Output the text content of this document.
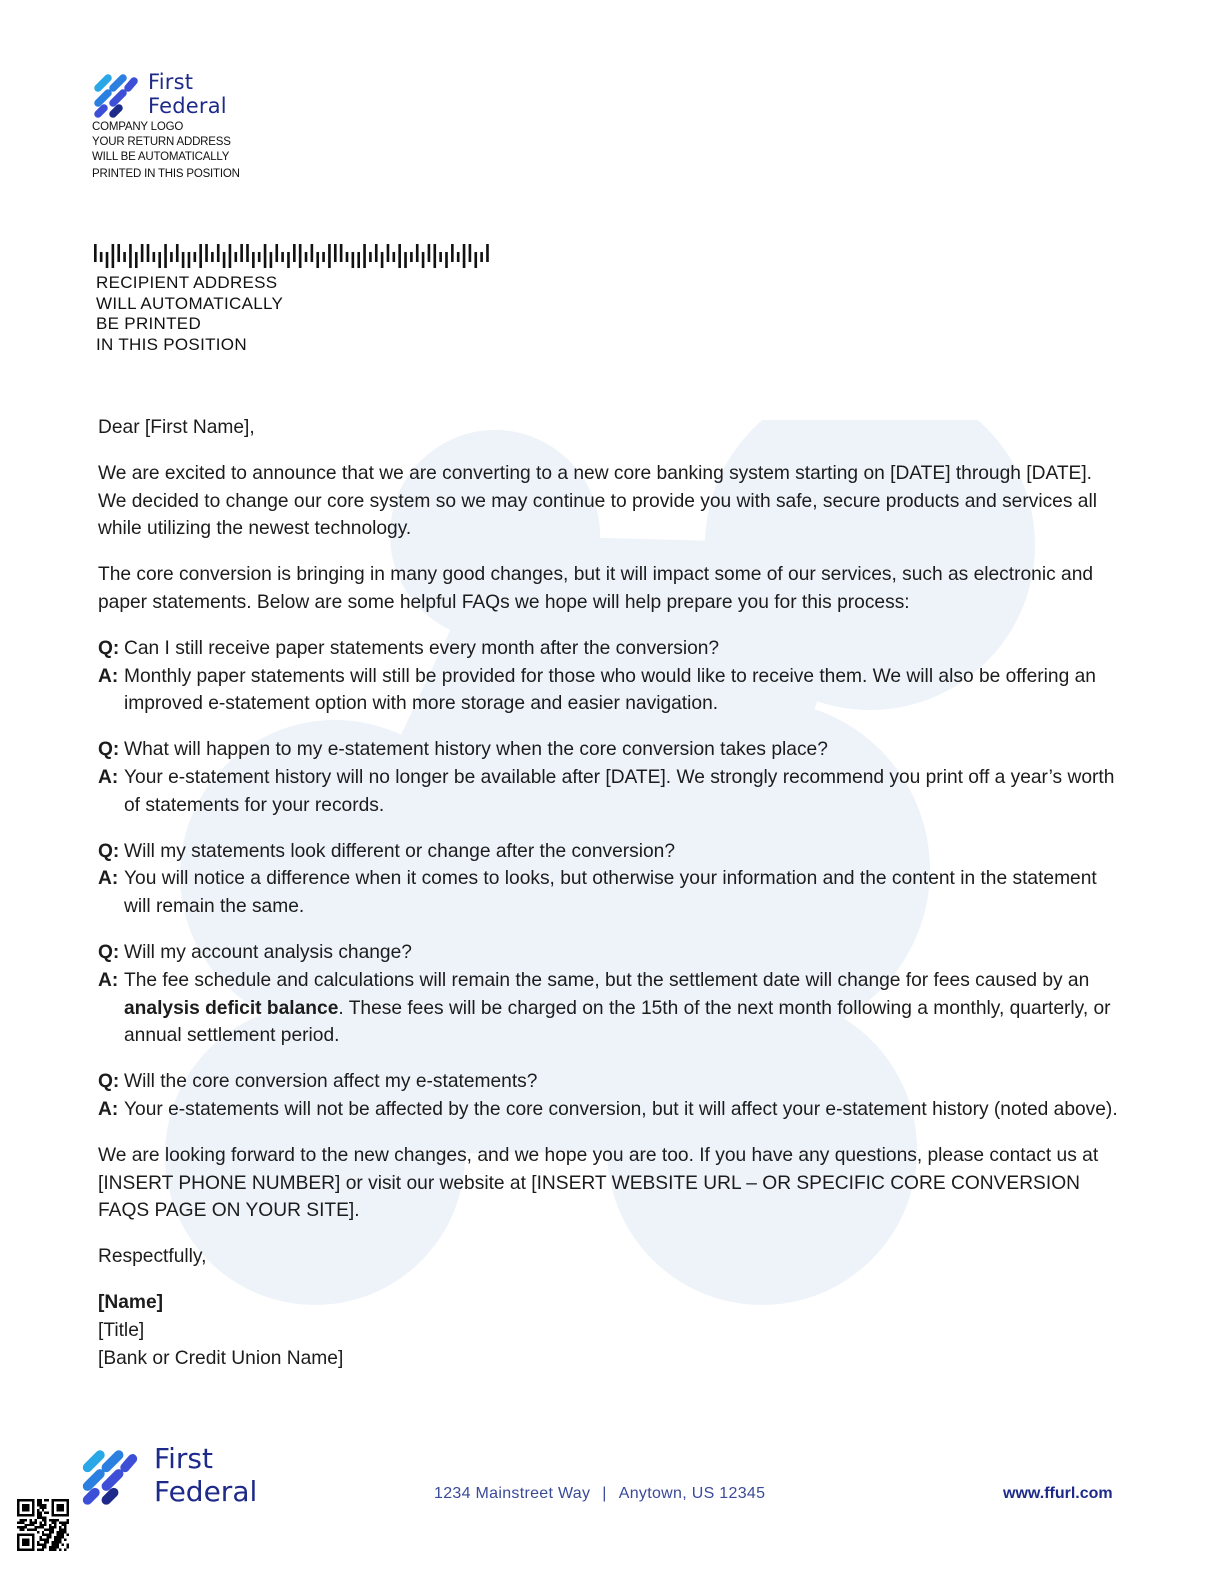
First
Federal
COMPANY LOGO
YOUR RETURN ADDRESS
WILL BE AUTOMATICALLY
PRINTED IN THIS POSITION
RECIPIENT ADDRESS
WILL AUTOMATICALLY
BE PRINTED
IN THIS POSITION

Dear [First Name],

We are excited to announce that we are converting to a new core banking system starting on [DATE] through [DATE]. We decided to change our core system so we may continue to provide you with safe, secure products and services all while utilizing the newest technology.

The core conversion is bringing in many good changes, but it will impact some of our services, such as electronic and paper statements. Below are some helpful FAQs we hope will help prepare you for this process:

Q: Can I still receive paper statements every month after the conversion?
A: Monthly paper statements will still be provided for those who would like to receive them. We will also be offering an improved e-statement option with more storage and easier navigation.
Q: What will happen to my e-statement history when the core conversion takes place?
A: Your e-statement history will no longer be available after [DATE]. We strongly recommend you print off a year’s worth of statements for your records.
Q: Will my statements look different or change after the conversion?
A: You will notice a difference when it comes to looks, but otherwise your information and the content in the statement will remain the same.
Q: Will my account analysis change?
A: The fee schedule and calculations will remain the same, but the settlement date will change for fees caused by an analysis deficit balance. These fees will be charged on the 15th of the next month following a monthly, quarterly, or annual settlement period.
Q: Will the core conversion affect my e-statements?
A: Your e-statements will not be affected by the core conversion, but it will affect your e-statement history (noted above).

We are looking forward to the new changes, and we hope you are too. If you have any questions, please contact us at [INSERT PHONE NUMBER] or visit our website at [INSERT WEBSITE URL – OR SPECIFIC CORE CONVERSION FAQS PAGE ON YOUR SITE].

Respectfully,

[Name]
[Title]
[Bank or Credit Union Name]
First
Federal	1234 Mainstreet Way | Anytown, US 12345	www.ffurl.com
